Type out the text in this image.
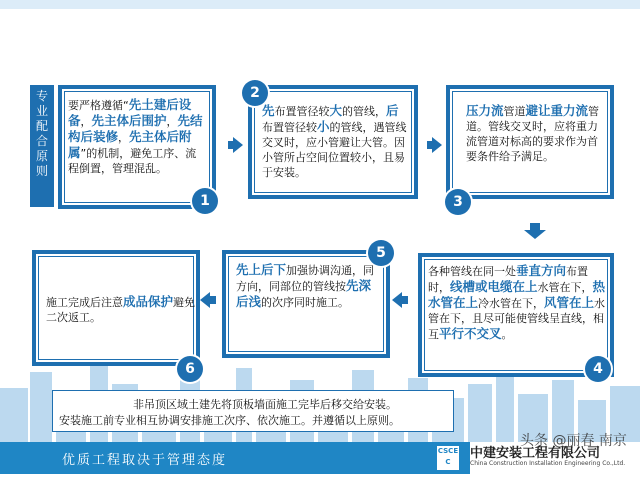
专
业
配
合
原
则
要严格遵循“先土建后设备，先主体后围护，先结构后装修，先主体后附属”的机制，避免工序、流程倒置，管理混乱。
1
先布置管径较大的管线，后布置管径较小的管线，遇管线交叉时，应小管避让大管。因小管所占空间位置较小，且易于安装。
2
压力流管道避让重力流管道。管线交叉时，应将重力流管道对标高的要求作为首要条件给予满足。
3
各种管线在同一处垂直方向布置时，线槽或电缆在上水管在下，热水管在上冷水管在下，风管在上水管在下，且尽可能使管线呈直线，相互平行不交叉。
4
先上后下加强协调沟通，同方向，同部位的管线按先深后浅的次序同时施工。
5
施工完成后注意成品保护避免二次返工。
6
非吊顶区域土建先将顶板墙面施工完毕后移交给安装。
安装施工前专业相互协调安排施工次序、依次施工。并遵循以上原则。
优质工程取决于管理态度
CSCE
C
中建安装工程有限公司
China Construction Installation Engineering Co.,Ltd.
头条 @丽春 南京
